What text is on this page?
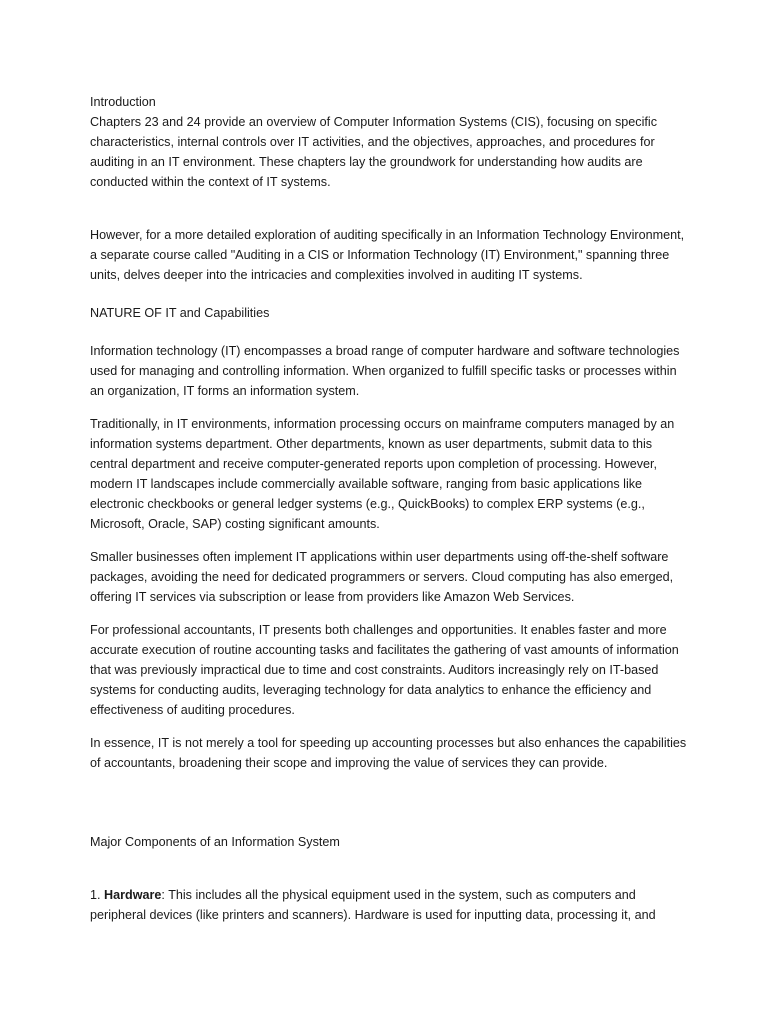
Introduction

Chapters 23 and 24 provide an overview of Computer Information Systems (CIS), focusing on specific characteristics, internal controls over IT activities, and the objectives, approaches, and procedures for auditing in an IT environment. These chapters lay the groundwork for understanding how audits are conducted within the context of IT systems.

However, for a more detailed exploration of auditing specifically in an Information Technology Environment, a separate course called "Auditing in a CIS or Information Technology (IT) Environment," spanning three units, delves deeper into the intricacies and complexities involved in auditing IT systems.

NATURE OF IT and Capabilities

Information technology (IT) encompasses a broad range of computer hardware and software technologies used for managing and controlling information. When organized to fulfill specific tasks or processes within an organization, IT forms an information system.

Traditionally, in IT environments, information processing occurs on mainframe computers managed by an information systems department. Other departments, known as user departments, submit data to this central department and receive computer-generated reports upon completion of processing. However, modern IT landscapes include commercially available software, ranging from basic applications like electronic checkbooks or general ledger systems (e.g., QuickBooks) to complex ERP systems (e.g., Microsoft, Oracle, SAP) costing significant amounts.

Smaller businesses often implement IT applications within user departments using off-the-shelf software packages, avoiding the need for dedicated programmers or servers. Cloud computing has also emerged, offering IT services via subscription or lease from providers like Amazon Web Services.

For professional accountants, IT presents both challenges and opportunities. It enables faster and more accurate execution of routine accounting tasks and facilitates the gathering of vast amounts of information that was previously impractical due to time and cost constraints. Auditors increasingly rely on IT-based systems for conducting audits, leveraging technology for data analytics to enhance the efficiency and effectiveness of auditing procedures.

In essence, IT is not merely a tool for speeding up accounting processes but also enhances the capabilities of accountants, broadening their scope and improving the value of services they can provide.

Major Components of an Information System

1. Hardware: This includes all the physical equipment used in the system, such as computers and peripheral devices (like printers and scanners). Hardware is used for inputting data, processing it, and
